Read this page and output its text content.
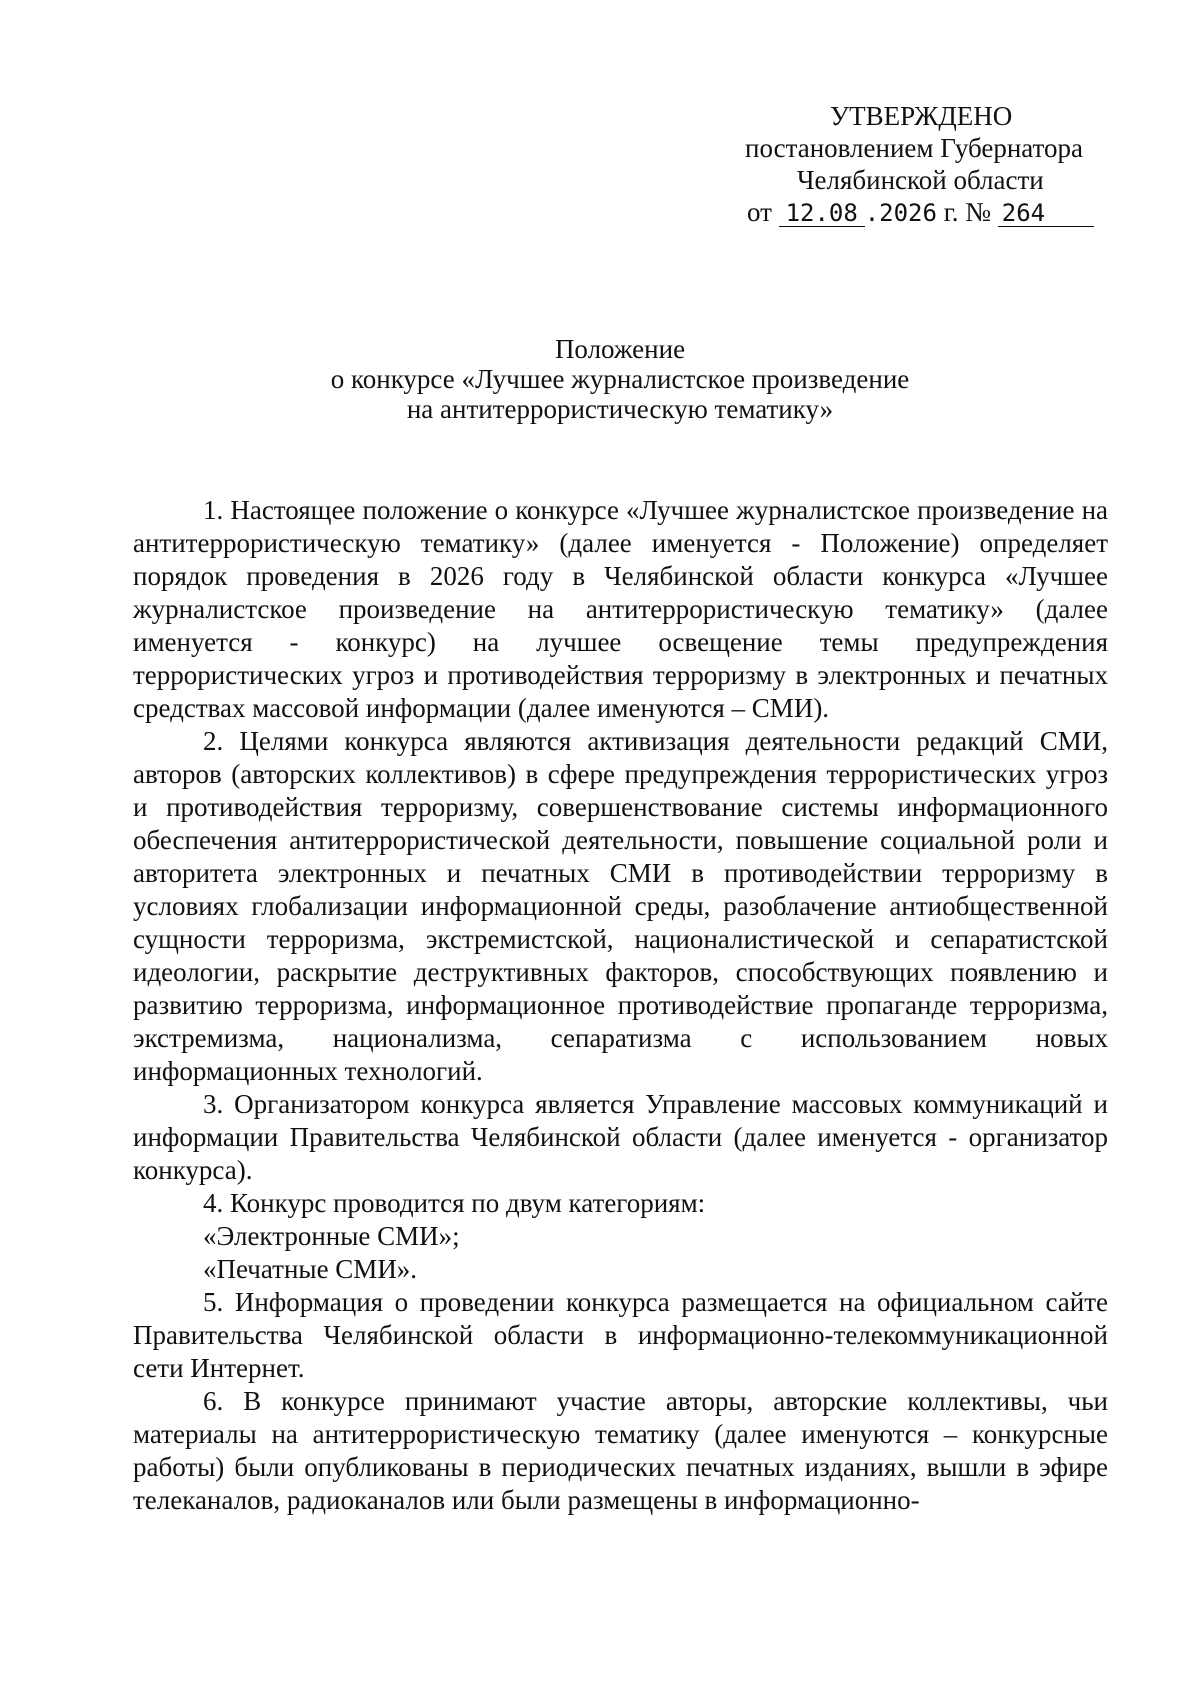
УТВЕРЖДЕНО
постановлением Губернатора
Челябинской области
от 12.08 .2026 г. № 264
Положение
о конкурсе «Лучшее журналистское произведение
на антитеррористическую тематику»

1. Настоящее положение о конкурсе «Лучшее журналистское произведение на антитеррористическую тематику» (далее именуется - Положение) определяет порядок проведения в 2026 году в Челябинской области конкурса «Лучшее журналистское произведение на антитеррористическую тематику» (далее именуется - конкурс) на лучшее освещение темы предупреждения террористических угроз и противодействия терроризму в электронных и печатных средствах массовой информации (далее именуются – СМИ).

2. Целями конкурса являются активизация деятельности редакций СМИ, авторов (авторских коллективов) в сфере предупреждения террористических угроз и противодействия терроризму, совершенствование системы информационного обеспечения антитеррористической деятельности, повышение социальной роли и авторитета электронных и печатных СМИ в противодействии терроризму в условиях глобализации информационной среды, разоблачение антиобщественной сущности терроризма, экстремистской, националистической и сепаратистской идеологии, раскрытие деструктивных факторов, способствующих появлению и развитию терроризма, информационное противодействие пропаганде терроризма, экстремизма, национализма, сепаратизма с использованием новых информационных технологий.

3. Организатором конкурса является Управление массовых коммуникаций и информации Правительства Челябинской области (далее именуется - организатор конкурса).

4. Конкурс проводится по двум категориям:

«Электронные СМИ»;

«Печатные СМИ».

5. Информация о проведении конкурса размещается на официальном сайте Правительства Челябинской области в информационно-телекоммуникационной сети Интернет.

6. В конкурсе принимают участие авторы, авторские коллективы, чьи материалы на антитеррористическую тематику (далее именуются – конкурсные работы) были опубликованы в периодических печатных изданиях, вышли в эфире телеканалов, радиоканалов или были размещены в информационно-
